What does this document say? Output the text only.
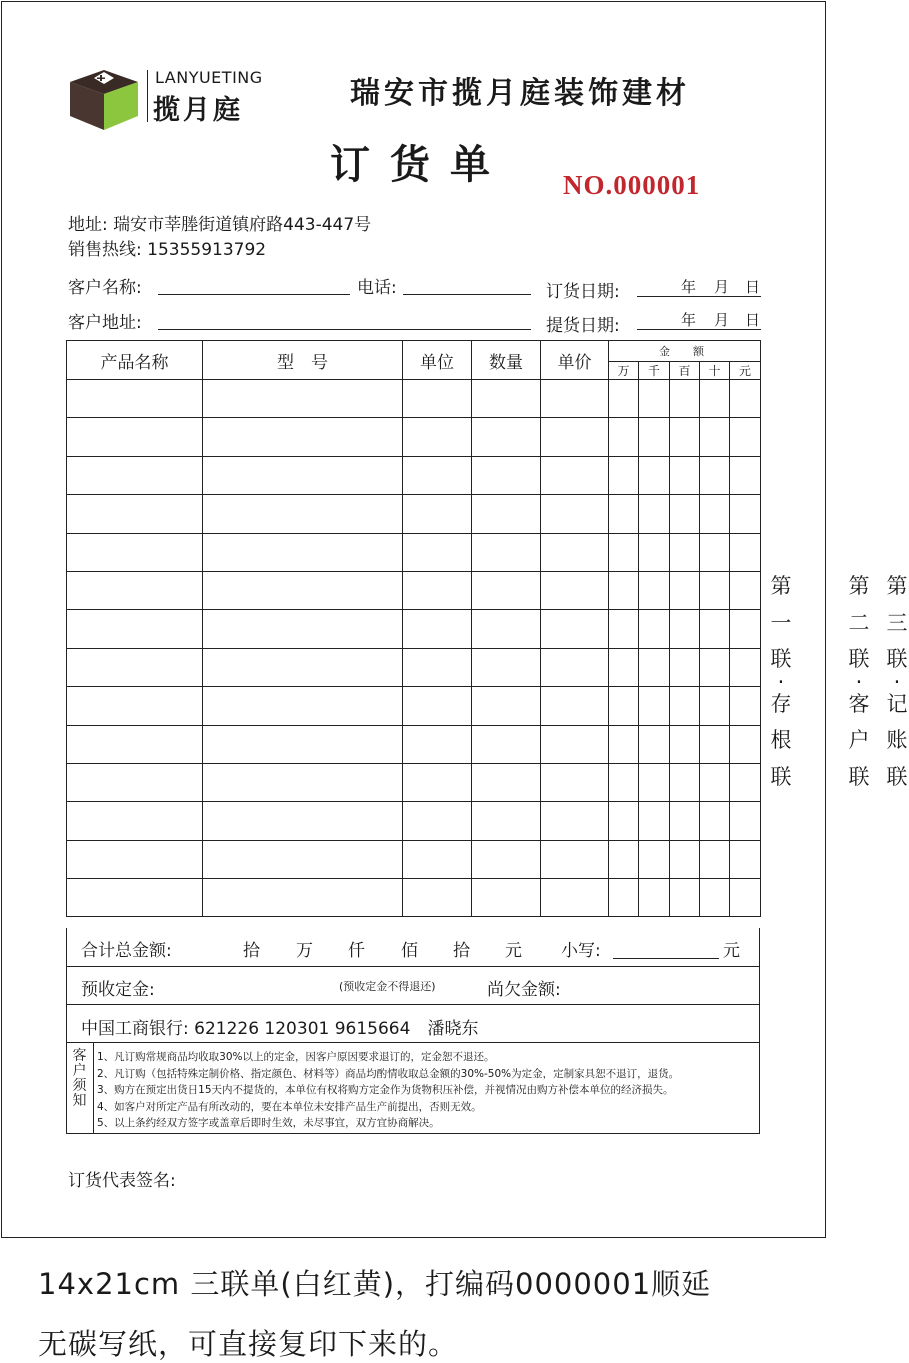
LANYUETING
揽月庭	瑞安市揽月庭装饰建材
订货单 NO.000001
地址: 瑞安市莘塍街道镇府路443-447号
销售热线: 15355913792
客户名称:	电话:	订货日期:	年 月 日
客户地址:	提货日期:	年 月 日
产品名称	型　号	单位	数量	单价	金　额				
					万	千	百	十	元

合计总金额:	拾 万 仟 佰 拾 元 小写:	元
预收定金:	(预收定金不得退还)	尚欠金额:
中国工商银行: 621226 120301 9615664　潘晓东
客
户
须
知
1、凡订购常规商品均收取30%以上的定金，因客户原因要求退订的，定金恕不退还。
2、凡订购（包括特殊定制价格、指定颜色、材料等）商品均酌情收取总金额的30%-50%为定金，定制家具恕不退订，退货。
3、购方在预定出货日15天内不提货的，本单位有权将购方定金作为货物积压补偿，并视情况由购方补偿本单位的经济损失。
4、如客户对所定产品有所改动的，要在本单位未安排产品生产前提出，否则无效。
5、以上条约经双方签字或盖章后即时生效，未尽事宜，双方宜协商解决。
订货代表签名:
第
一
联
·
存
根
联
第
二
联
·
客
户
联
第
三
联
·
记
账
联
14x21cm 三联单(白红黄)，打编码0000001顺延
无碳写纸，可直接复印下来的。
